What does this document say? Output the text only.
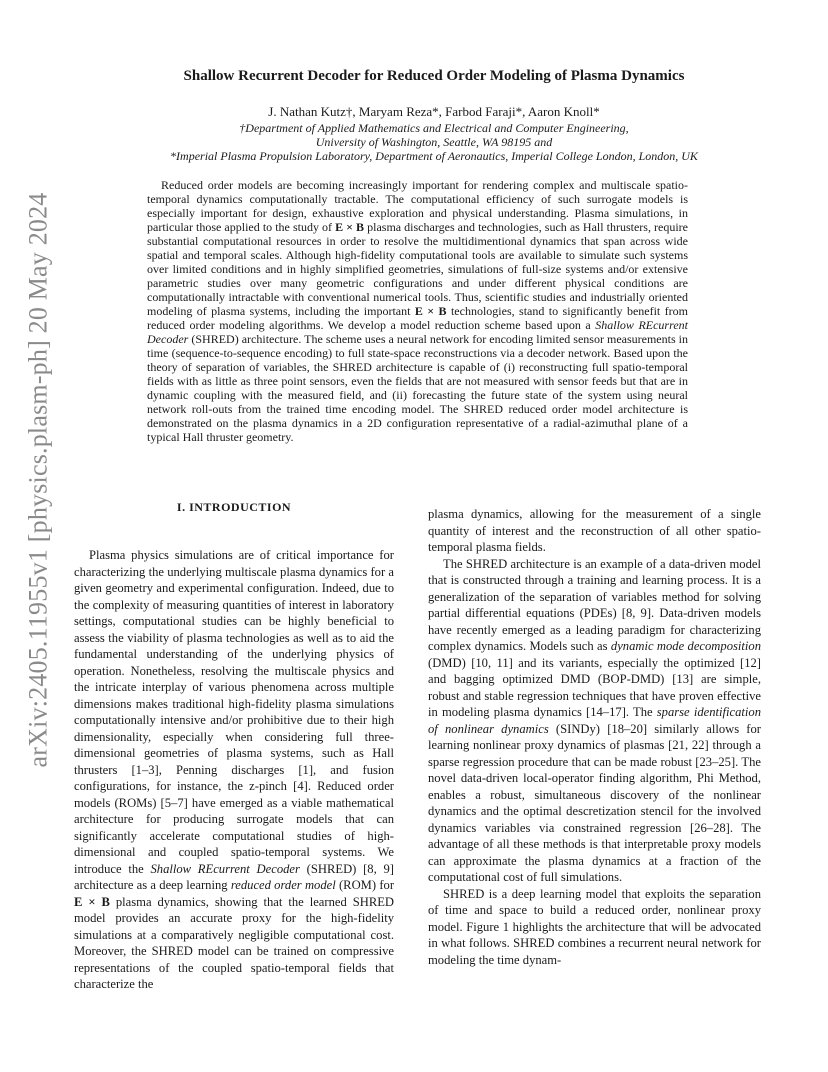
arXiv:2405.11955v1 [physics.plasm-ph] 20 May 2024
Shallow Recurrent Decoder for Reduced Order Modeling of Plasma Dynamics
J. Nathan Kutz†, Maryam Reza*, Farbod Faraji*, Aaron Knoll*
†Department of Applied Mathematics and Electrical and Computer Engineering,
University of Washington, Seattle, WA 98195 and
*Imperial Plasma Propulsion Laboratory, Department of Aeronautics, Imperial College London, London, UK

Reduced order models are becoming increasingly important for rendering complex and multiscale spatio-temporal dynamics computationally tractable. The computational efficiency of such surrogate models is especially important for design, exhaustive exploration and physical understanding. Plasma simulations, in particular those applied to the study of E × B plasma discharges and technologies, such as Hall thrusters, require substantial computational resources in order to resolve the multidimentional dynamics that span across wide spatial and temporal scales. Although high-fidelity computational tools are available to simulate such systems over limited conditions and in highly simplified geometries, simulations of full-size systems and/or extensive parametric studies over many geometric configurations and under different physical conditions are computationally intractable with conventional numerical tools. Thus, scientific studies and industrially oriented modeling of plasma systems, including the important E × B technologies, stand to significantly benefit from reduced order modeling algorithms. We develop a model reduction scheme based upon a Shallow REcurrent Decoder (SHRED) architecture. The scheme uses a neural network for encoding limited sensor measurements in time (sequence-to-sequence encoding) to full state-space reconstructions via a decoder network. Based upon the theory of separation of variables, the SHRED architecture is capable of (i) reconstructing full spatio-temporal fields with as little as three point sensors, even the fields that are not measured with sensor feeds but that are in dynamic coupling with the measured field, and (ii) forecasting the future state of the system using neural network roll-outs from the trained time encoding model. The SHRED reduced order model architecture is demonstrated on the plasma dynamics in a 2D configuration representative of a radial-azimuthal plane of a typical Hall thruster geometry.

I. INTRODUCTION

Plasma physics simulations are of critical importance for characterizing the underlying multiscale plasma dynamics for a given geometry and experimental configuration. Indeed, due to the complexity of measuring quantities of interest in laboratory settings, computational studies can be highly beneficial to assess the viability of plasma technologies as well as to aid the fundamental understanding of the underlying physics of operation. Nonetheless, resolving the multiscale physics and the intricate interplay of various phenomena across multiple dimensions makes traditional high-fidelity plasma simulations computationally intensive and/or prohibitive due to their high dimensionality, especially when considering full three-dimensional geometries of plasma systems, such as Hall thrusters [1–3], Penning discharges [1], and fusion configurations, for instance, the z-pinch [4]. Reduced order models (ROMs) [5–7] have emerged as a viable mathematical architecture for producing surrogate models that can significantly accelerate computational studies of high-dimensional and coupled spatio-temporal systems. We introduce the Shallow REcurrent Decoder (SHRED) [8, 9] architecture as a deep learning reduced order model (ROM) for E × B plasma dynamics, showing that the learned SHRED model provides an accurate proxy for the high-fidelity simulations at a comparatively negligible computational cost. Moreover, the SHRED model can be trained on compressive representations of the coupled spatio-temporal fields that characterize the

plasma dynamics, allowing for the measurement of a single quantity of interest and the reconstruction of all other spatio-temporal plasma fields.

The SHRED architecture is an example of a data-driven model that is constructed through a training and learning process. It is a generalization of the separation of variables method for solving partial differential equations (PDEs) [8, 9]. Data-driven models have recently emerged as a leading paradigm for characterizing complex dynamics. Models such as dynamic mode decomposition (DMD) [10, 11] and its variants, especially the optimized [12] and bagging optimized DMD (BOP-DMD) [13] are simple, robust and stable regression techniques that have proven effective in modeling plasma dynamics [14–17]. The sparse identification of nonlinear dynamics (SINDy) [18–20] similarly allows for learning nonlinear proxy dynamics of plasmas [21, 22] through a sparse regression procedure that can be made robust [23–25]. The novel data-driven local-operator finding algorithm, Phi Method, enables a robust, simultaneous discovery of the nonlinear dynamics and the optimal descretization stencil for the involved dynamics variables via constrained regression [26–28]. The advantage of all these methods is that interpretable proxy models can approximate the plasma dynamics at a fraction of the computational cost of full simulations.

SHRED is a deep learning model that exploits the separation of time and space to build a reduced order, nonlinear proxy model. Figure 1 highlights the architecture that will be advocated in what follows. SHRED combines a recurrent neural network for modeling the time dynam-
